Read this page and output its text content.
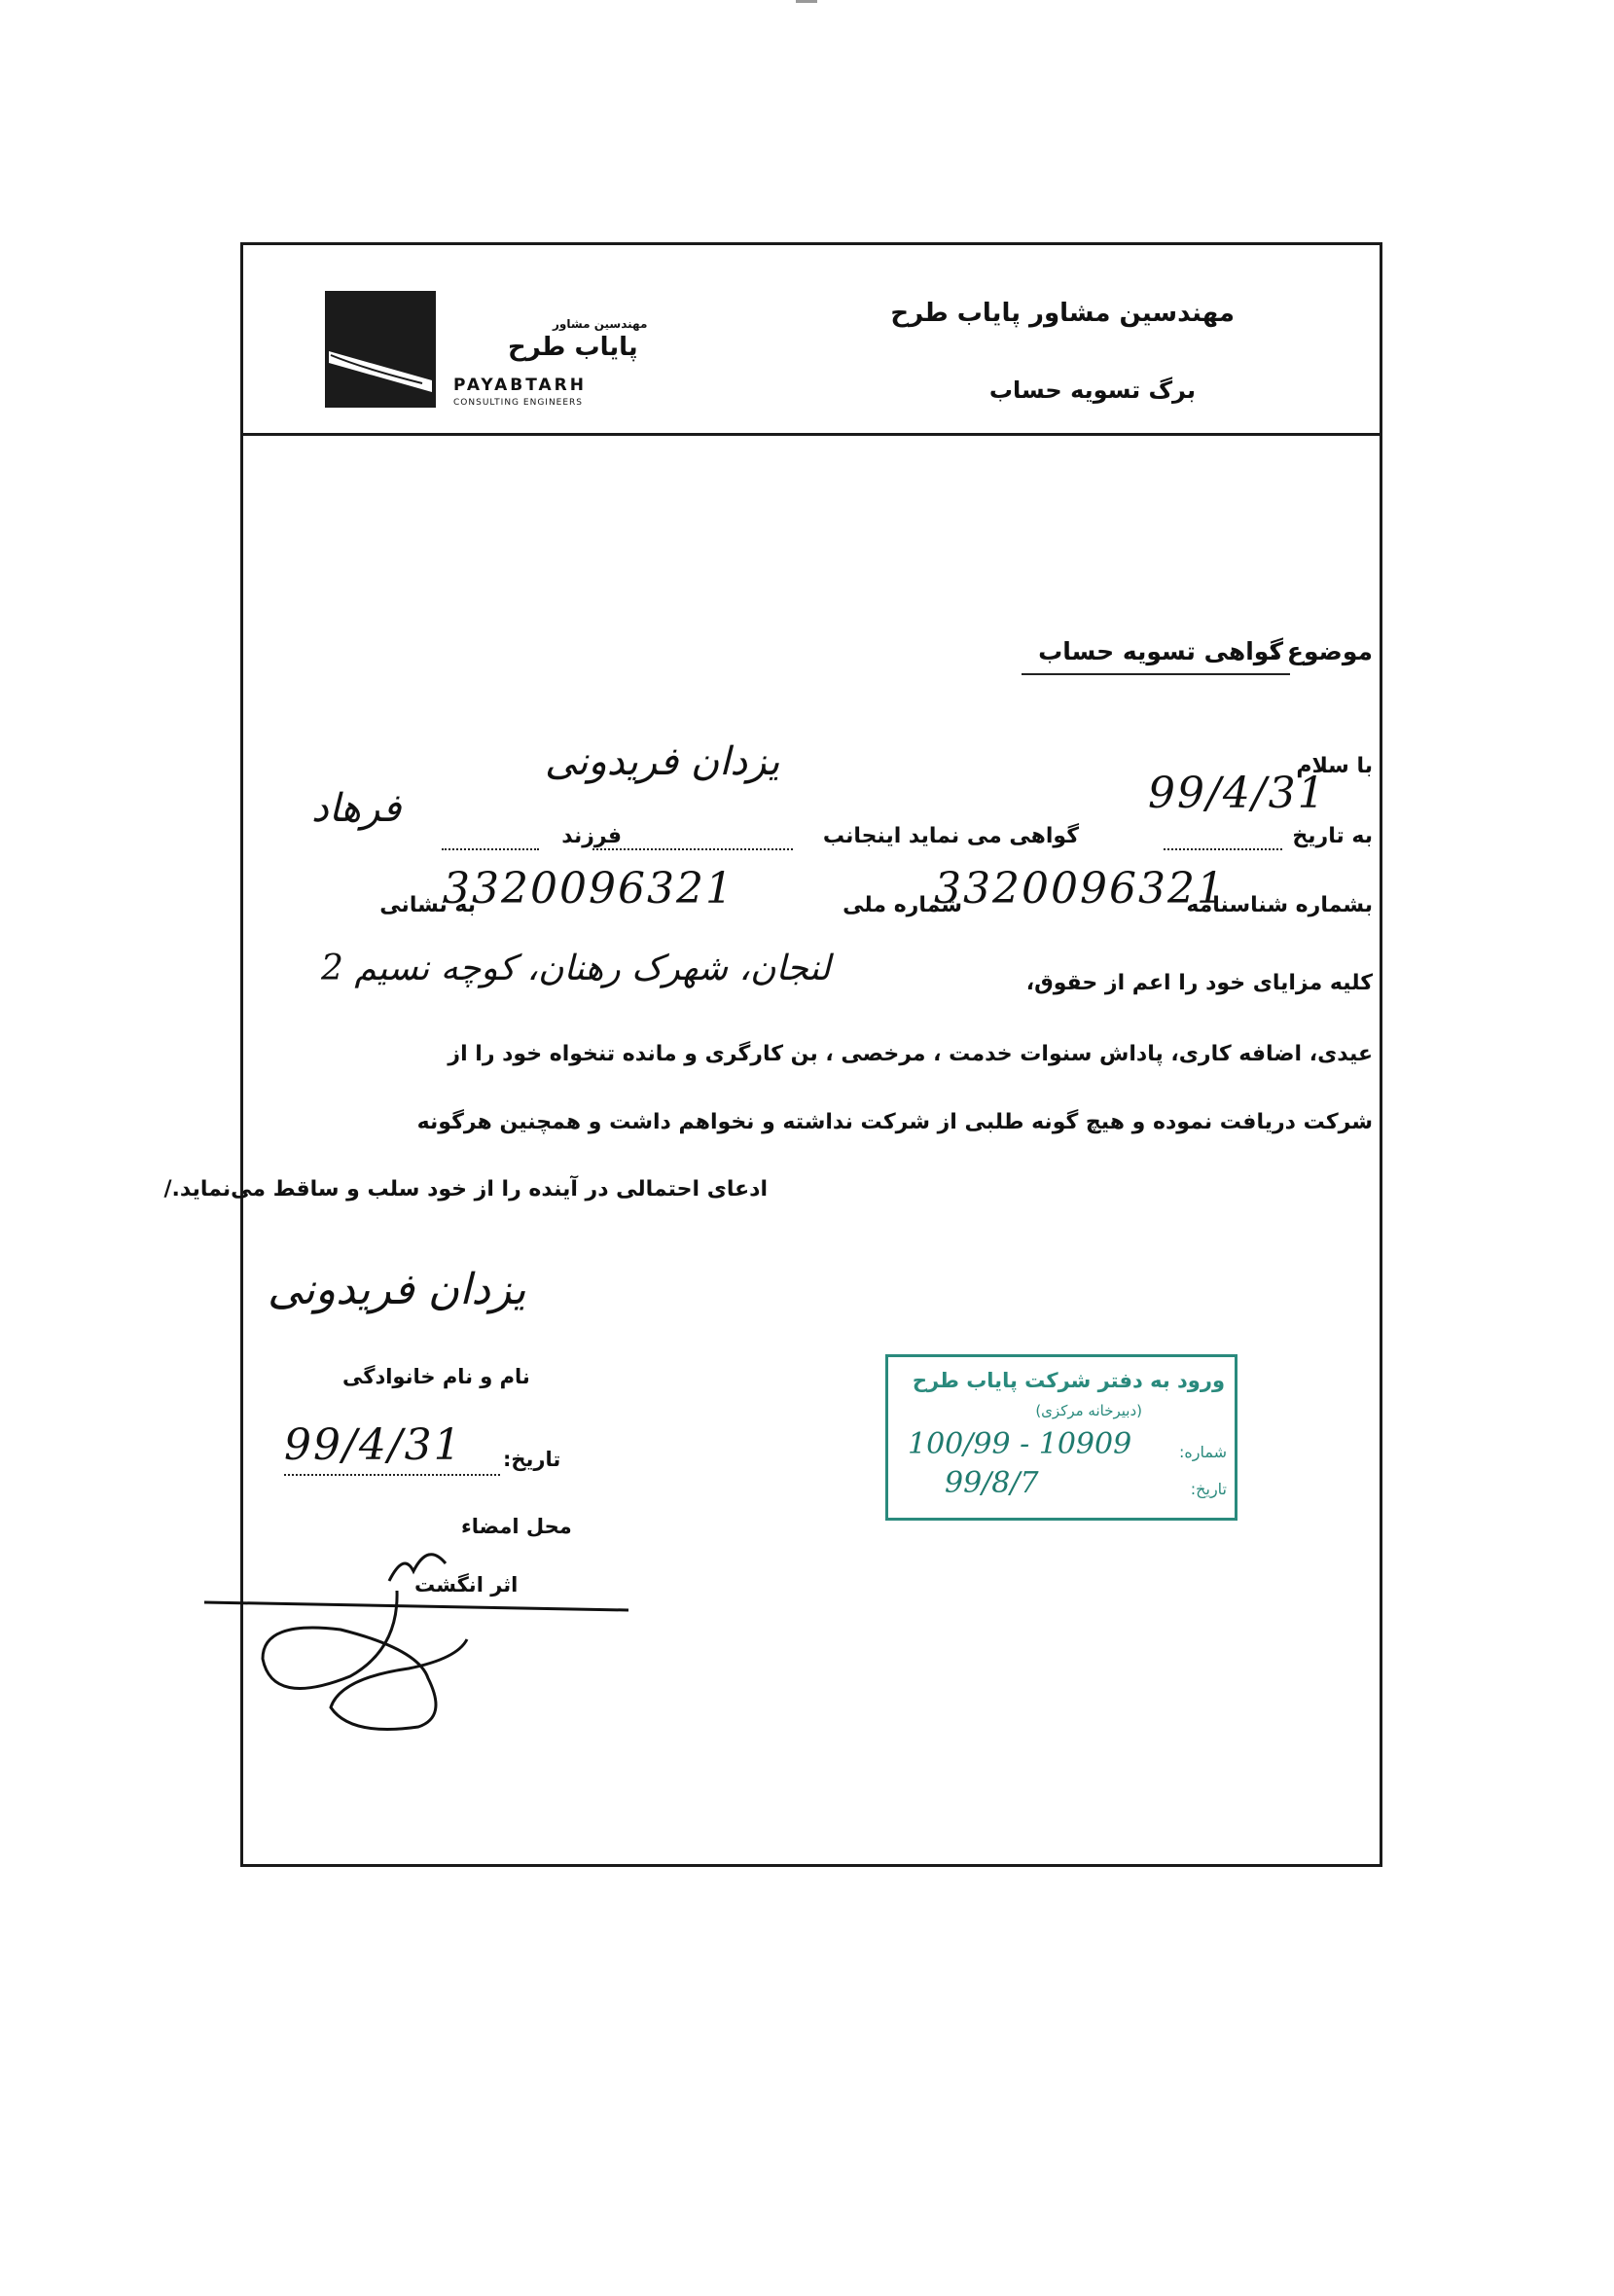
مهندسین مشاور پایاب طرح
برگ تسویه حساب
مهندسین مشاور
پایاب طرح
PAYABTARH
CONSULTING ENGINEERS
موضوع :
گواهی تسویه حساب
با سلام
به تاریخ
99/4/31
گواهی می نماید اینجانب
یزدان فریدونی
فرزند
فرهاد
بشماره شناسنامه
3320096321
شماره ملی
3320096321
به نشانی
لنجان، شهرک رهنان، کوچه نسیم 2	کلیه مزایای خود را اعم از حقوق،
عیدی، اضافه کاری، پاداش سنوات خدمت ، مرخصی ، بن کارگری و مانده تنخواه خود را از
شرکت دریافت نموده و هیچ گونه طلبی از شرکت نداشته و نخواهم داشت و همچنین هرگونه
ادعای احتمالی در آینده را از خود سلب و ساقط می‌نماید./
یزدان فریدونی
نام و نام خانوادگی
تاریخ:
99/4/31
محل امضاء
اثر انگشت
ورود به دفتر شرکت پایاب طرح
(دبیرخانه مرکزی)
شماره:
تاریخ:
100/99 - 10909
99/8/7
